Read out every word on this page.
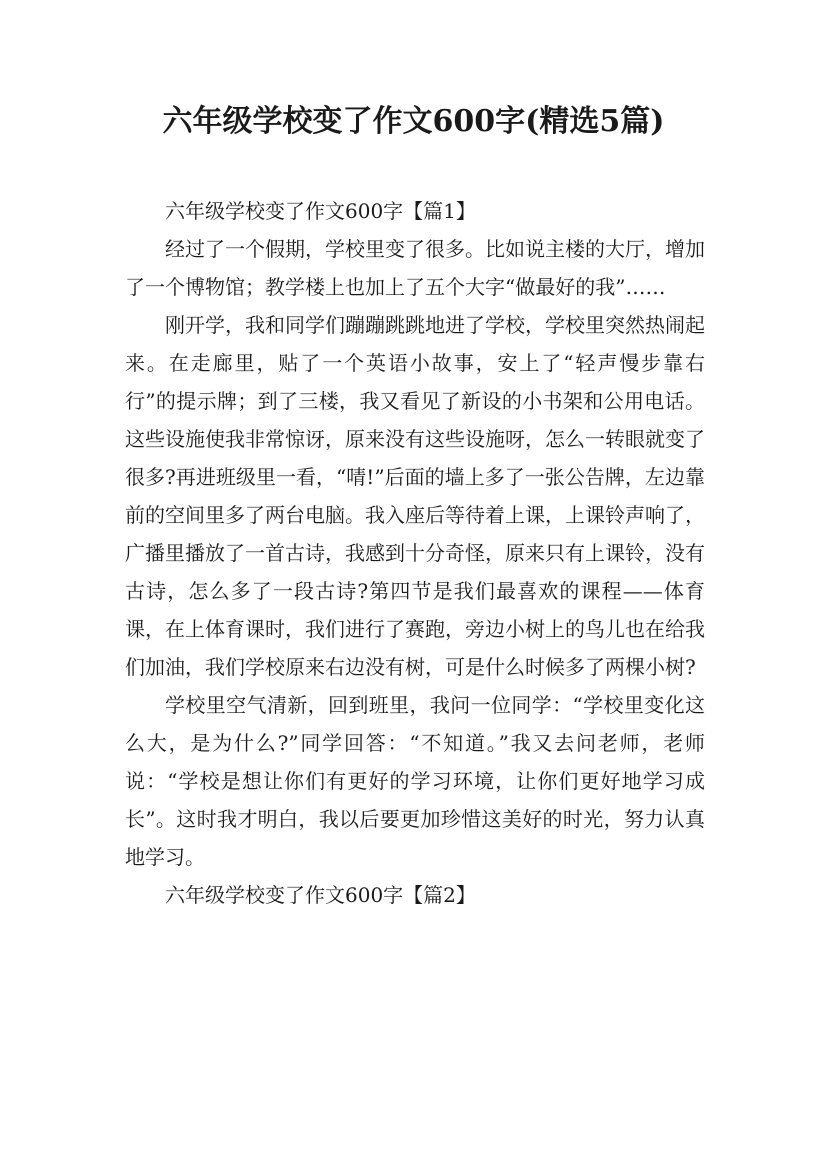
六年级学校变了作文600字(精选5篇)

六年级学校变了作文600字【篇1】

经过了一个假期，学校里变了很多。比如说主楼的大厅，增加了一个博物馆；教学楼上也加上了五个大字“做最好的我”……

刚开学，我和同学们蹦蹦跳跳地进了学校，学校里突然热闹起来。在走廊里，贴了一个英语小故事，安上了“轻声慢步靠右行”的提示牌；到了三楼，我又看见了新设的小书架和公用电话。这些设施使我非常惊讶，原来没有这些设施呀，怎么一转眼就变了很多?再进班级里一看，“啨!”后面的墙上多了一张公告牌，左边靠前的空间里多了两台电脑。我入座后等待着上课，上课铃声响了，广播里播放了一首古诗，我感到十分奇怪，原来只有上课铃，没有古诗，怎么多了一段古诗?第四节是我们最喜欢的课程——体育课，在上体育课时，我们进行了赛跑，旁边小树上的鸟儿也在给我们加油，我们学校原来右边没有树，可是什么时候多了两棵小树?

学校里空气清新，回到班里，我问一位同学：“学校里变化这么大，是为什么?”同学回答：“不知道。”我又去问老师，老师说：“学校是想让你们有更好的学习环境，让你们更好地学习成长”。这时我才明白，我以后要更加珍惜这美好的时光，努力认真地学习。

六年级学校变了作文600字【篇2】
